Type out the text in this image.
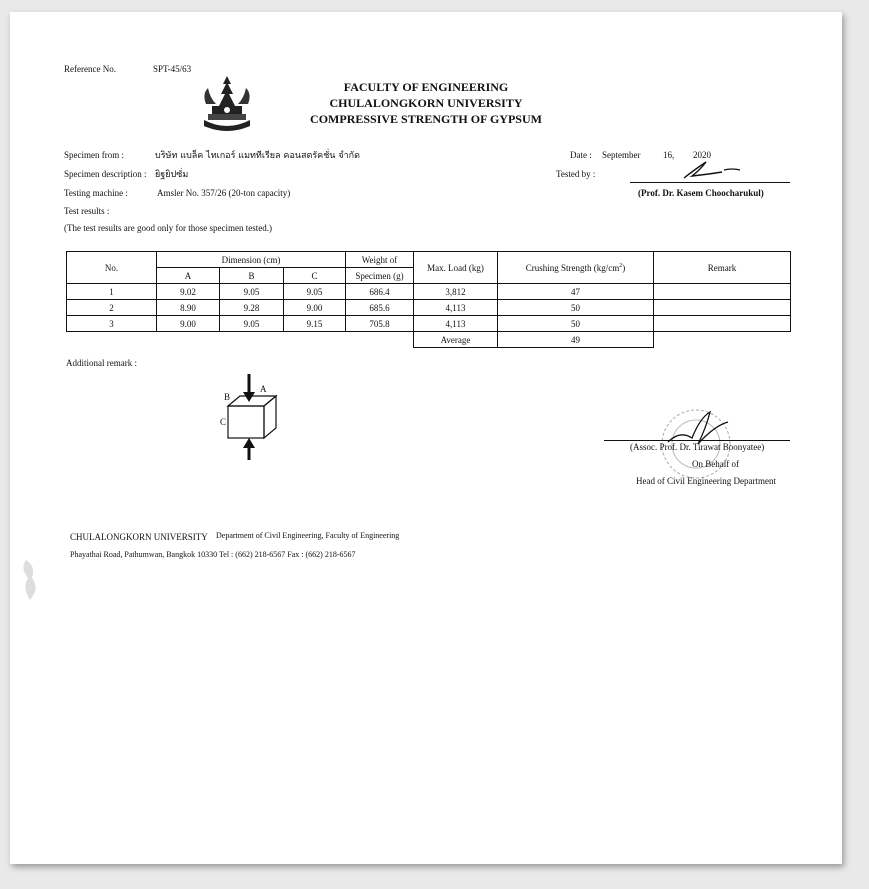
Reference No.	SPT-45/63
FACULTY OF ENGINEERING
CHULALONGKORN UNIVERSITY
COMPRESSIVE STRENGTH OF GYPSUM
Specimen from :	บริษัท แบล็ค ไทเกอร์ แมททีเรียล คอนสตรัคชั่น จำกัด
Specimen description : ยิฐยิปซั่ม
Testing machine :	Amsler No. 357/26 (20-ton capacity)
Test results :
(The test results are good only for those specimen tested.)
Date : September	16, 2020
Tested by :
(Prof. Dr. Kasem Choocharukul)
No.	Dimension (cm)			Weight of	Max. Load (kg)	Crushing Strength $(kg/cm^2)$	Remark
	A	B	C	Specimen (g)			
1	9.02	9.05	9.05	686.4	3,812	47	
2	8.90	9.28	9.00	685.6	4,113	50	
3	9.00	9.05	9.15	705.8	4,113	50	
					Average	49	
Additional remark :
A
B
C
(Assoc. Prof. Dr. Tirawat Boonyatee)
On Behalf of
Head of Civil Engineering Department
CHULALONGKORN UNIVERSITY Department of Civil Engineering, Faculty of Engineering
Phayathai Road, Pathumwan, Bangkok 10330 Tel : (662) 218-6567 Fax : (662) 218-6567
